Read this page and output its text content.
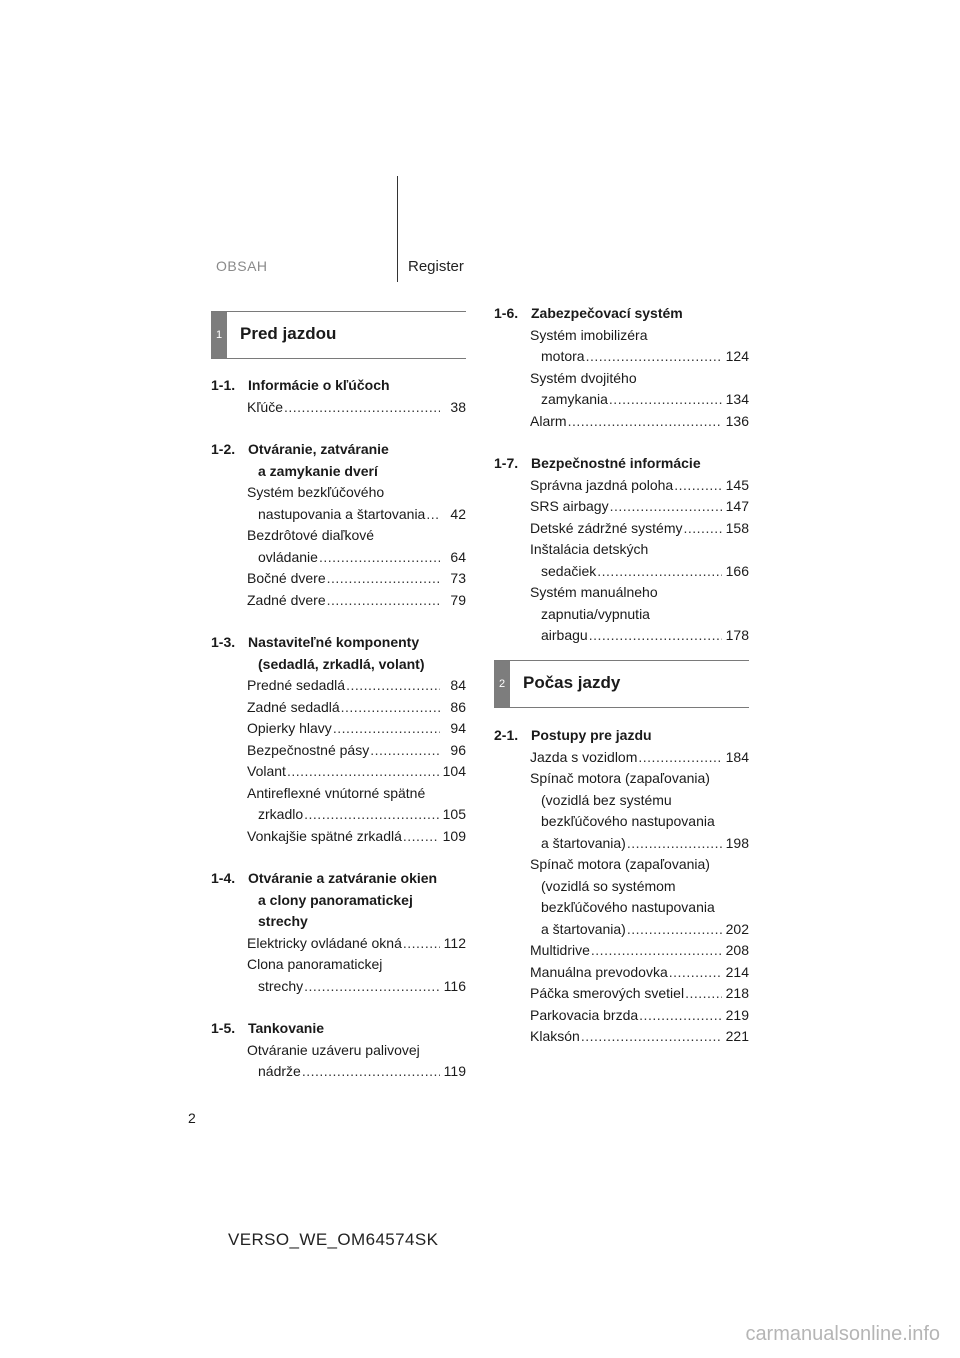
OBSAH	Register
1 Pred jazdou
1-1. Informácie o kľúčoch
Kľúče .....	38
1-2. Otváranie, zatváranie
a zamykanie dverí
Systém bezkľúčového
nastupovania a štartovania .....	42
Bezdrôtové diaľkové
ovládanie .....	64
Bočné dvere .....	73
Zadné dvere .....	79
1-3. Nastaviteľné komponenty
(sedadlá, zrkadlá, volant)
Predné sedadlá .....	84
Zadné sedadlá .....	86
Opierky hlavy .....	94
Bezpečnostné pásy .....	96
Volant .....	104
Antireflexné vnútorné spätné
zrkadlo .....	105
Vonkajšie spätné zrkadlá .....	109
1-4. Otváranie a zatváranie okien
a clony panoramatickej
strechy
Elektricky ovládané okná .....	112
Clona panoramatickej
strechy .....	116
1-5. Tankovanie
Otváranie uzáveru palivovej
nádrže .....	119
1-6. Zabezpečovací systém
Systém imobilizéra
motora .....	124
Systém dvojitého
zamykania .....	134
Alarm .....	136
1-7. Bezpečnostné informácie
Správna jazdná poloha .....	145
SRS airbagy .....	147
Detské zádržné systémy .....	158
Inštalácia detských
sedačiek .....	166
Systém manuálneho
zapnutia/vypnutia
airbagu .....	178
2 Počas jazdy
2-1. Postupy pre jazdu
Jazda s vozidlom .....	184
Spínač motora (zapaľovania)
(vozidlá bez systému
bezkľúčového nastupovania
a štartovania) .....	198
Spínač motora (zapaľovania)
(vozidlá so systémom
bezkľúčového nastupovania
a štartovania) .....	202
Multidrive .....	208
Manuálna prevodovka .....	214
Páčka smerových svetiel .....	218
Parkovacia brzda .....	219
Klaksón .....	221
2
VERSO_WE_OM64574SK
carmanualsonline.info
